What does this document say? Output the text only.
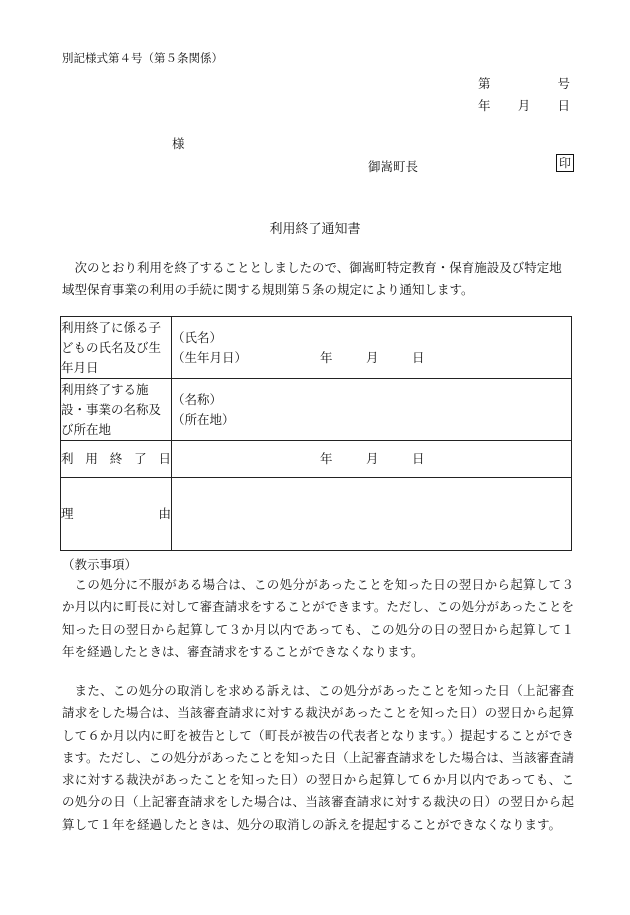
別記様式第４号（第５条関係）
第	号
年 月 日
様
御嵩町長	印
利用終了通知書
次のとおり利用を終了することとしましたので、御嵩町特定教育・保育施設及び特定地域型保育事業の利用の手続に関する規則第５条の規定により通知します。
利用終了に係る子どもの氏名及び生年月日	（氏名）
（生年月日） 年 月 日

利用終了する施設・事業の名称及び所在地	（名称）
（所在地）

利 用 終 了 日	年 月 日

理 由	

（教示事項）
この処分に不服がある場合は、この処分があったことを知った日の翌日から起算して３か月以内に町長に対して審査請求をすることができます。ただし、この処分があったことを知った日の翌日から起算して３か月以内であっても、この処分の日の翌日から起算して１年を経過したときは、審査請求をすることができなくなります。
また、この処分の取消しを求める訴えは、この処分があったことを知った日（上記審査請求をした場合は、当該審査請求に対する裁決があったことを知った日）の翌日から起算して６か月以内に町を被告として（町長が被告の代表者となります。）提起することができます。ただし、この処分があったことを知った日（上記審査請求をした場合は、当該審査請求に対する裁決があったことを知った日）の翌日から起算して６か月以内であっても、この処分の日（上記審査請求をした場合は、当該審査請求に対する裁決の日）の翌日から起算して１年を経過したときは、処分の取消しの訴えを提起することができなくなります。
